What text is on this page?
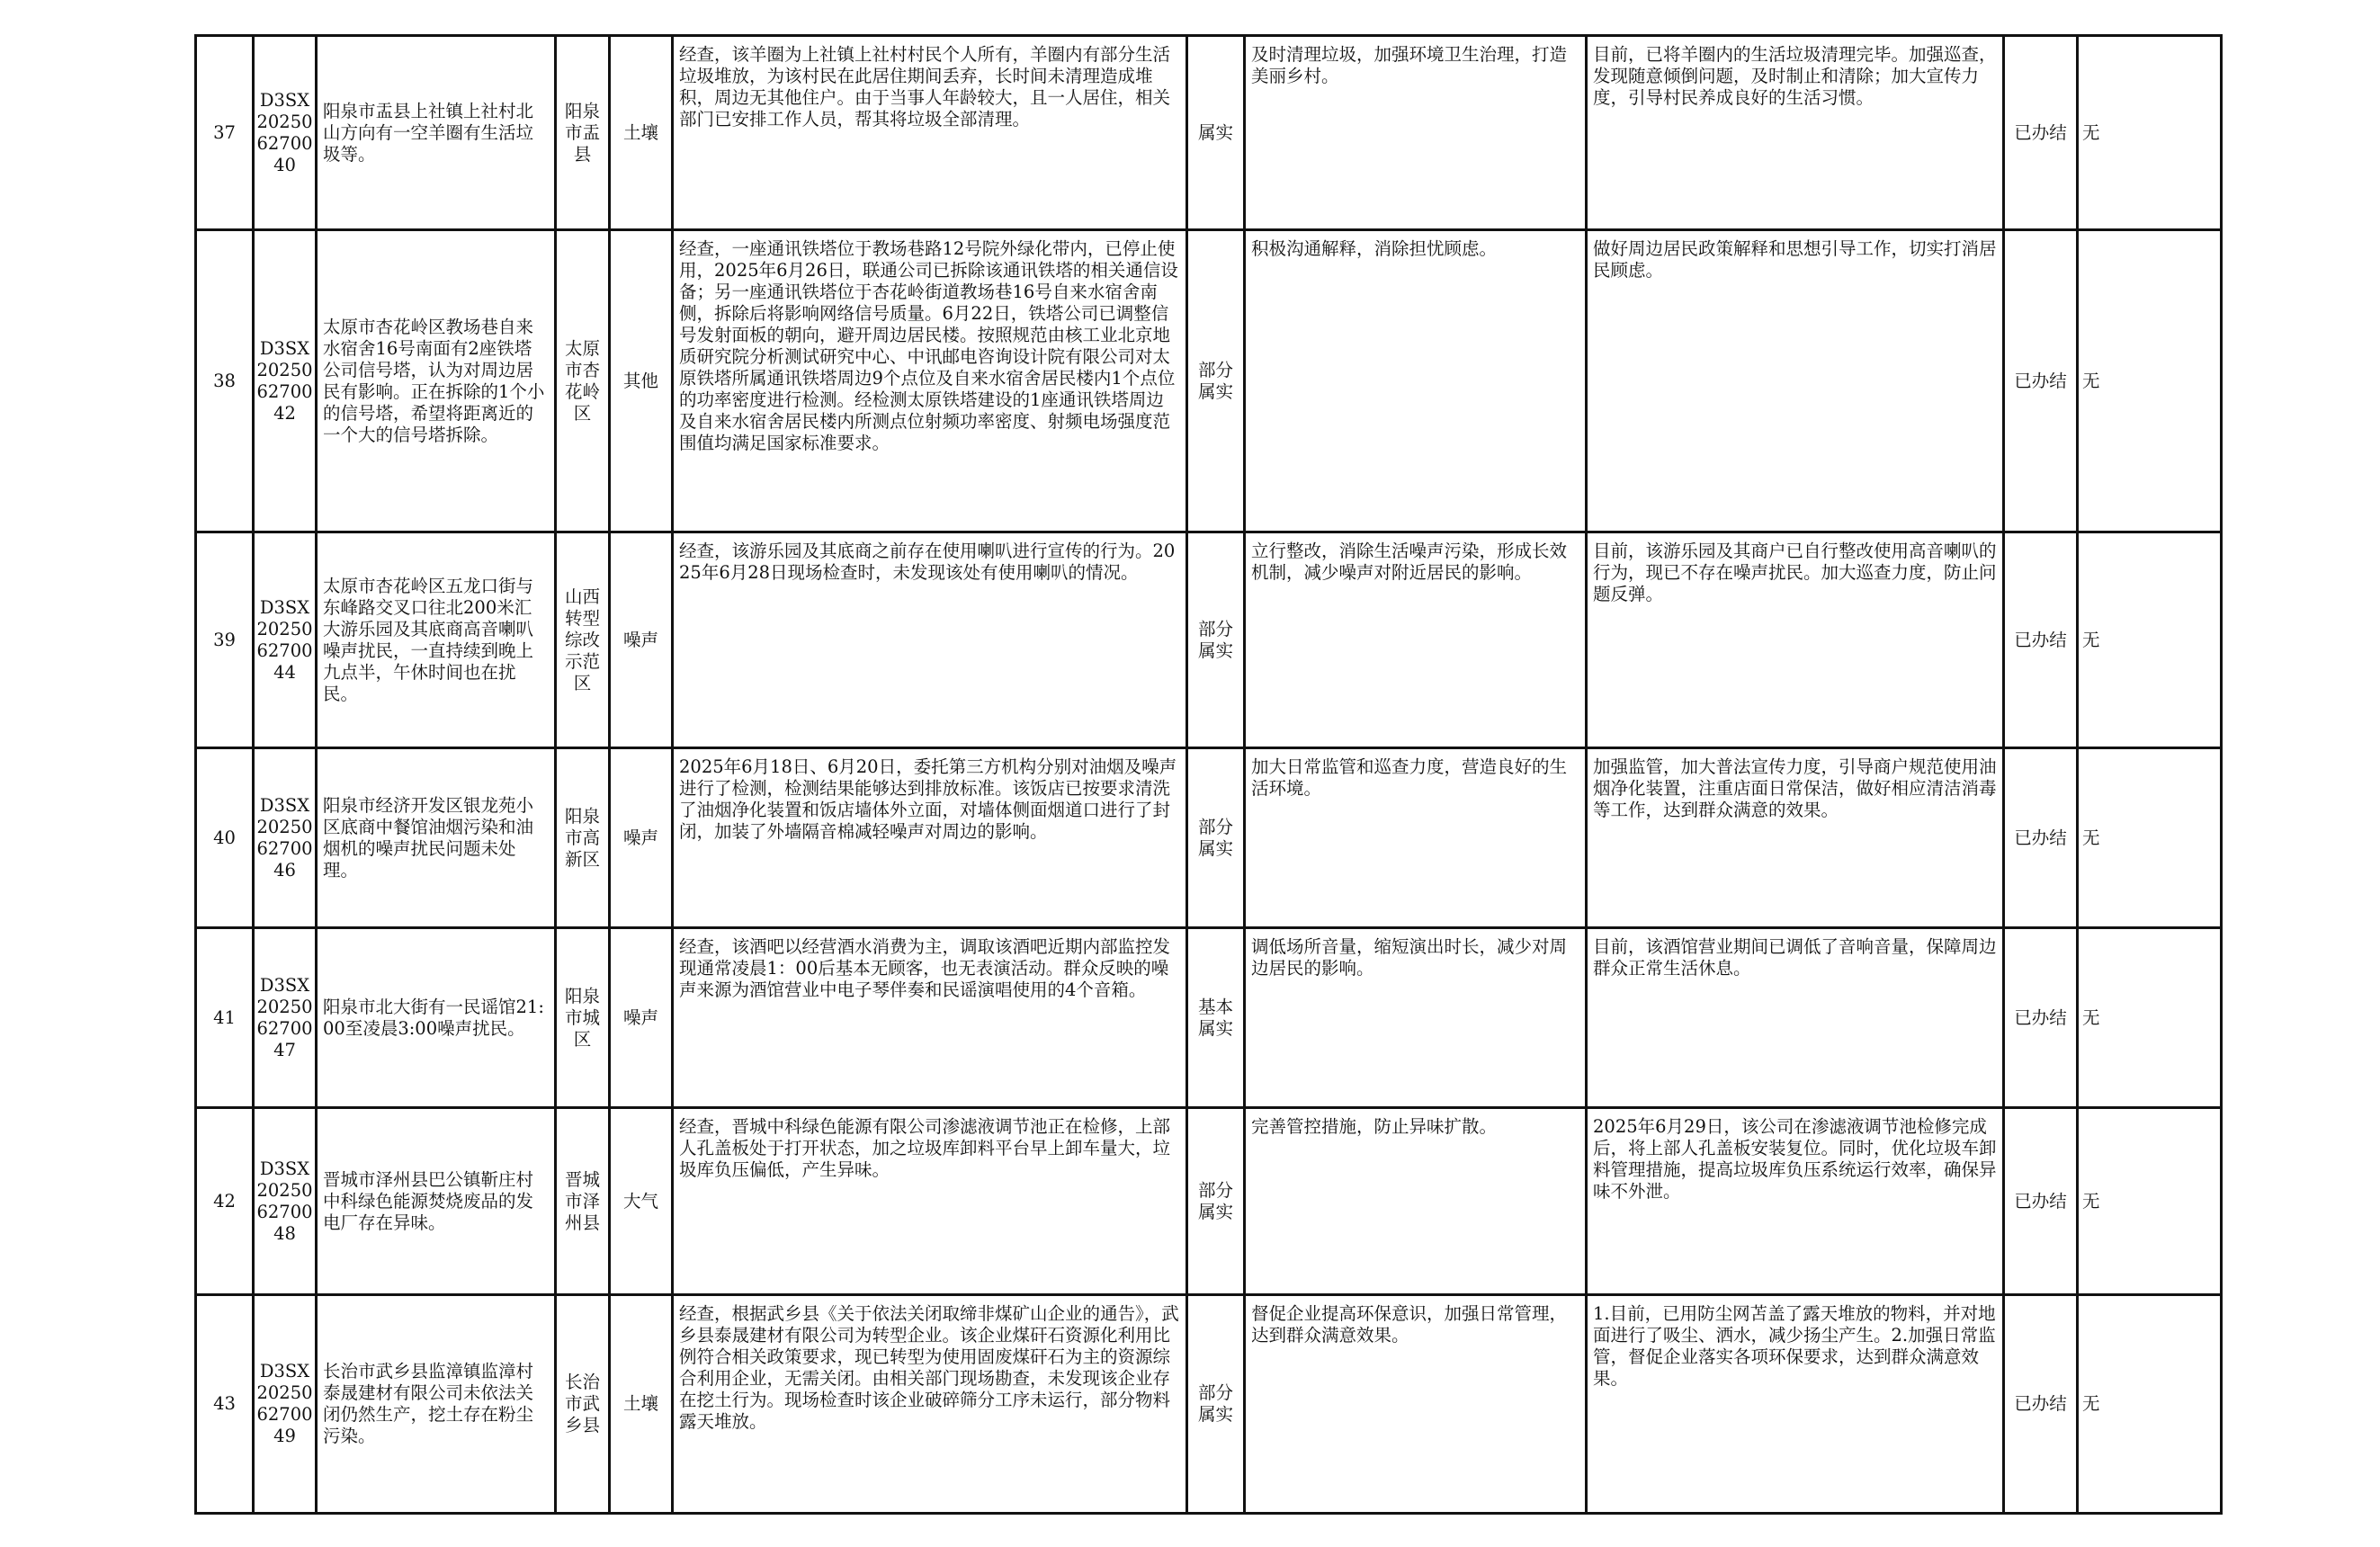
37	D3SX2025062700 40	阳泉市盂县上社镇上社村北山方向有一空羊圈有生活垃圾等。	阳泉市盂县	土壤	经查，该羊圈为上社镇上社村村民个人所有，羊圈内有部分生活垃圾堆放，为该村民在此居住期间丢弃，长时间未清理造成堆积，周边无其他住户。由于当事人年龄较大，且一人居住，相关部门已安排工作人员，帮其将垃圾全部清理。	属实	及时清理垃圾，加强环境卫生治理，打造美丽乡村。	目前，已将羊圈内的生活垃圾清理完毕。加强巡查，发现随意倾倒问题，及时制止和清除；加大宣传力度，引导村民养成良好的生活习惯。	已办结	无
38	D3SX2025062700 42	太原市杏花岭区教场巷自来水宿舍16号南面有2座铁塔公司信号塔，认为对周边居民有影响。正在拆除的1个小的信号塔，希望将距离近的一个大的信号塔拆除。	太原市杏花岭区	其他	经查，一座通讯铁塔位于教场巷路12号院外绿化带内，已停止使用，2025年6月26日，联通公司已拆除该通讯铁塔的相关通信设备；另一座通讯铁塔位于杏花岭街道教场巷16号自来水宿舍南侧，拆除后将影响网络信号质量。6月22日，铁塔公司已调整信号发射面板的朝向，避开周边居民楼。按照规范由核工业北京地质研究院分析测试研究中心、中讯邮电咨询设计院有限公司对太原铁塔所属通讯铁塔周边9个点位及自来水宿舍居民楼内1个点位的功率密度进行检测。经检测太原铁塔建设的1座通讯铁塔周边及自来水宿舍居民楼内所测点位射频功率密度、射频电场强度范围值均满足国家标准要求。	部分属实	积极沟通解释，消除担忧顾虑。	做好周边居民政策解释和思想引导工作，切实打消居民顾虑。	已办结	无
39	D3SX2025062700 44	太原市杏花岭区五龙口街与东峰路交叉口往北200米汇大游乐园及其底商高音喇叭噪声扰民，一直持续到晚上九点半，午休时间也在扰民。	山西转型综改示范区	噪声	经查，该游乐园及其底商之前存在使用喇叭进行宣传的行为。2025年6月28日现场检查时，未发现该处有使用喇叭的情况。	部分属实	立行整改，消除生活噪声污染，形成长效机制，减少噪声对附近居民的影响。	目前，该游乐园及其商户已自行整改使用高音喇叭的行为，现已不存在噪声扰民。加大巡查力度，防止问题反弹。	已办结	无
40	D3SX2025062700 46	阳泉市经济开发区银龙苑小区底商中餐馆油烟污染和油烟机的噪声扰民问题未处理。	阳泉市高新区	噪声	2025年6月18日、6月20日，委托第三方机构分别对油烟及噪声进行了检测，检测结果能够达到排放标准。该饭店已按要求清洗了油烟净化装置和饭店墙体外立面，对墙体侧面烟道口进行了封闭，加装了外墙隔音棉减轻噪声对周边的影响。	部分属实	加大日常监管和巡查力度，营造良好的生活环境。	加强监管，加大普法宣传力度，引导商户规范使用油烟净化装置，注重店面日常保洁，做好相应清洁消毒等工作，达到群众满意的效果。	已办结	无
41	D3SX2025062700 47	阳泉市北大街有一民谣馆21:00至凌晨3:00噪声扰民。	阳泉市城区	噪声	经查，该酒吧以经营酒水消费为主，调取该酒吧近期内部监控发现通常凌晨1：00后基本无顾客，也无表演活动。群众反映的噪声来源为酒馆营业中电子琴伴奏和民谣演唱使用的4个音箱。	基本属实	调低场所音量，缩短演出时长，减少对周边居民的影响。	目前，该酒馆营业期间已调低了音响音量，保障周边群众正常生活休息。	已办结	无
42	D3SX2025062700 48	晋城市泽州县巴公镇靳庄村中科绿色能源焚烧废品的发电厂存在异味。	晋城市泽州县	大气	经查，晋城中科绿色能源有限公司渗滤液调节池正在检修，上部人孔盖板处于打开状态，加之垃圾库卸料平台早上卸车量大，垃圾库负压偏低，产生异味。	部分属实	完善管控措施，防止异味扩散。	2025年6月29日，该公司在渗滤液调节池检修完成后，将上部人孔盖板安装复位。同时，优化垃圾车卸料管理措施，提高垃圾库负压系统运行效率，确保异味不外泄。	已办结	无
43	D3SX2025062700 49	长治市武乡县监漳镇监漳村泰晟建材有限公司未依法关闭仍然生产，挖土存在粉尘污染。	长治市武乡县	土壤	经查，根据武乡县《关于依法关闭取缔非煤矿山企业的通告》，武乡县泰晟建材有限公司为转型企业。该企业煤矸石资源化利用比例符合相关政策要求，现已转型为使用固废煤矸石为主的资源综合利用企业，无需关闭。由相关部门现场勘查，未发现该企业存在挖土行为。现场检查时该企业破碎筛分工序未运行，部分物料露天堆放。	部分属实	督促企业提高环保意识，加强日常管理，达到群众满意效果。	1.目前，已用防尘网苫盖了露天堆放的物料，并对地面进行了吸尘、洒水，减少扬尘产生。2.加强日常监管，督促企业落实各项环保要求，达到群众满意效果。	已办结	无
